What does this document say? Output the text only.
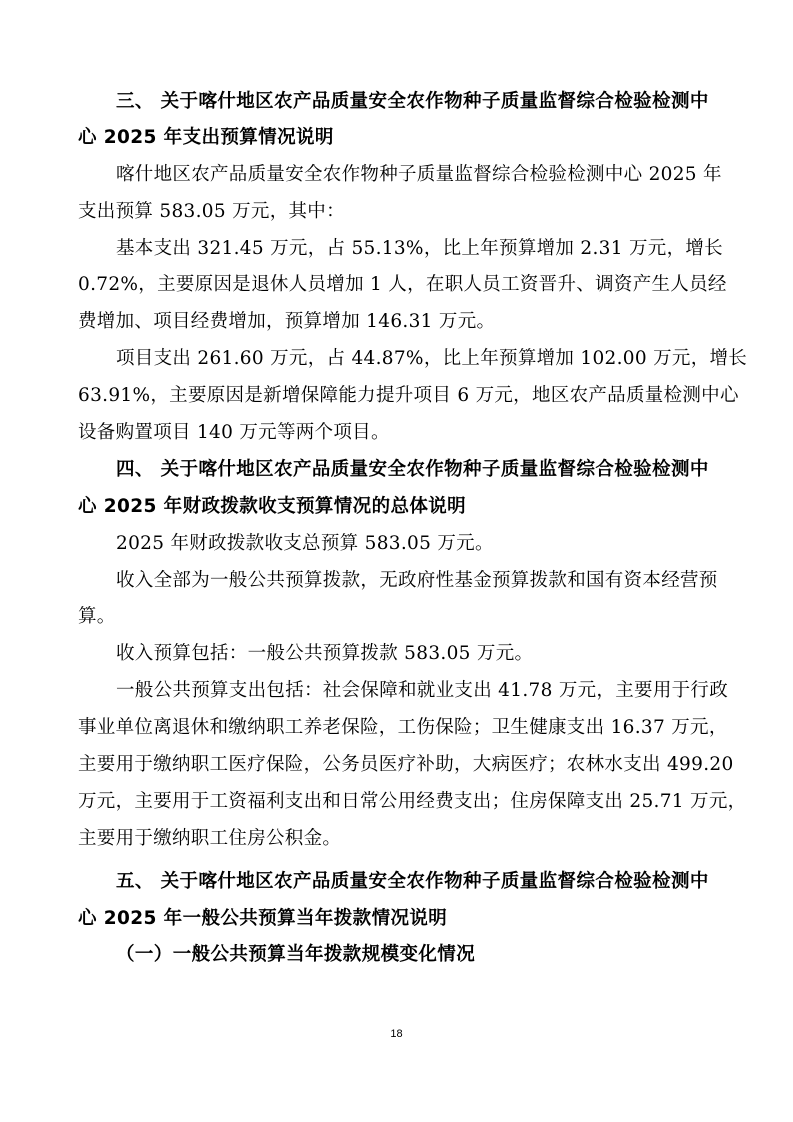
三、 关于喀什地区农产品质量安全农作物种子质量监督综合检验检测中
心 2025 年支出预算情况说明
喀什地区农产品质量安全农作物种子质量监督综合检验检测中心 2025 年
支出预算 583.05 万元，其中：
基本支出 321.45 万元，占 55.13%，比上年预算增加 2.31 万元，增长
0.72%，主要原因是退休人员增加 1 人，在职人员工资晋升、调资产生人员经
费增加、项目经费增加，预算增加 146.31 万元。
项目支出 261.60 万元，占 44.87%，比上年预算增加 102.00 万元，增长
63.91%，主要原因是新增保障能力提升项目 6 万元，地区农产品质量检测中心
设备购置项目 140 万元等两个项目。
四、 关于喀什地区农产品质量安全农作物种子质量监督综合检验检测中
心 2025 年财政拨款收支预算情况的总体说明
2025 年财政拨款收支总预算 583.05 万元。
收入全部为一般公共预算拨款，无政府性基金预算拨款和国有资本经营预
算。
收入预算包括：一般公共预算拨款 583.05 万元。
一般公共预算支出包括：社会保障和就业支出 41.78 万元，主要用于行政
事业单位离退休和缴纳职工养老保险，工伤保险；卫生健康支出 16.37 万元，
主要用于缴纳职工医疗保险，公务员医疗补助，大病医疗；农林水支出 499.20
万元，主要用于工资福利支出和日常公用经费支出；住房保障支出 25.71 万元，
主要用于缴纳职工住房公积金。
五、 关于喀什地区农产品质量安全农作物种子质量监督综合检验检测中
心 2025 年一般公共预算当年拨款情况说明
（一）一般公共预算当年拨款规模变化情况
18
